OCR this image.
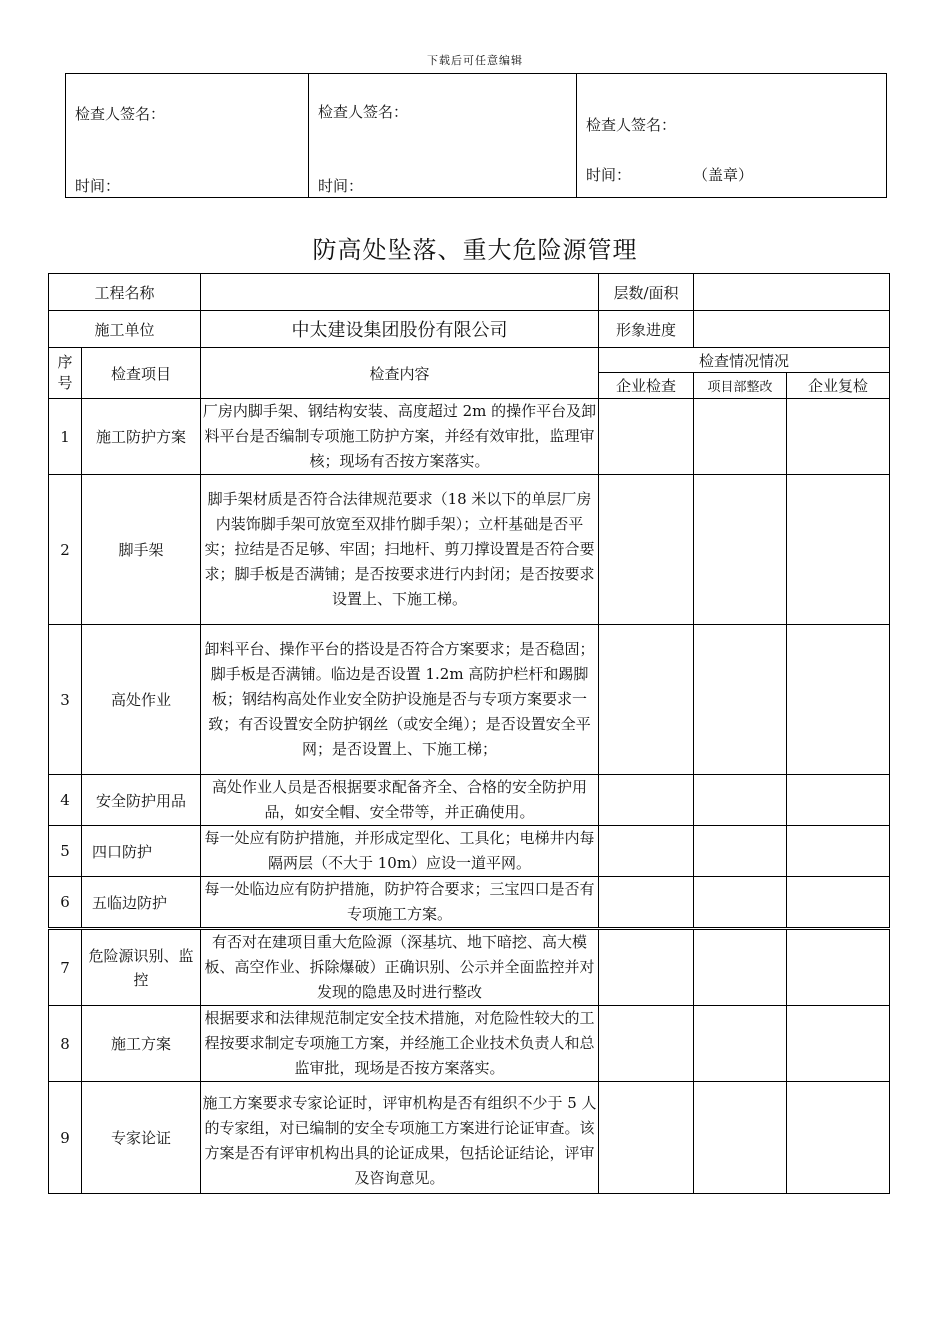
下载后可任意编辑
检查人签名：
时间：
检查人签名：
时间：
检查人签名：
时间：	（盖章）
防高处坠落、重大危险源管理
工程名称			层数/面积		
施工单位		中太建设集团股份有限公司	形象进度		
序号	检查项目	检查内容	检查情况情况		
			企业检查	项目部整改	企业复检
1	施工防护方案	厂房内脚手架、钢结构安装、高度超过 2m 的操作平台及卸料平台是否编制专项施工防护方案，并经有效审批，监理审核；现场有否按方案落实。			
2	脚手架	脚手架材质是否符合法律规范要求（18 米以下的单层厂房内装饰脚手架可放宽至双排竹脚手架）；立杆基础是否平实；拉结是否足够、牢固；扫地杆、剪刀撑设置是否符合要求；脚手板是否满铺；是否按要求进行内封闭；是否按要求设置上、下施工梯。			
3	高处作业	卸料平台、操作平台的搭设是否符合方案要求；是否稳固；脚手板是否满铺。临边是否设置 1.2m 高防护栏杆和踢脚板；钢结构高处作业安全防护设施是否与专项方案要求一致；有否设置安全防护钢丝（或安全绳）；是否设置安全平网；是否设置上、下施工梯；			
4	安全防护用品	高处作业人员是否根据要求配备齐全、合格的安全防护用品，如安全帽、安全带等，并正确使用。			
5	四口防护	每一处应有防护措施，并形成定型化、工具化；电梯井内每隔两层（不大于 10m）应设一道平网。			
6	五临边防护	每一处临边应有防护措施，防护符合要求；三宝四口是否有专项施工方案。			
7	危险源识别、监控	有否对在建项目重大危险源（深基坑、地下暗挖、高大模板、高空作业、拆除爆破）正确识别、公示并全面监控并对发现的隐患及时进行整改			
8	施工方案	根据要求和法律规范制定安全技术措施，对危险性较大的工程按要求制定专项施工方案，并经施工企业技术负责人和总监审批，现场是否按方案落实。			
9	专家论证	施工方案要求专家论证时，评审机构是否有组织不少于 5 人的专家组，对已编制的安全专项施工方案进行论证审查。该方案是否有评审机构出具的论证成果，包括论证结论，评审及咨询意见。			
